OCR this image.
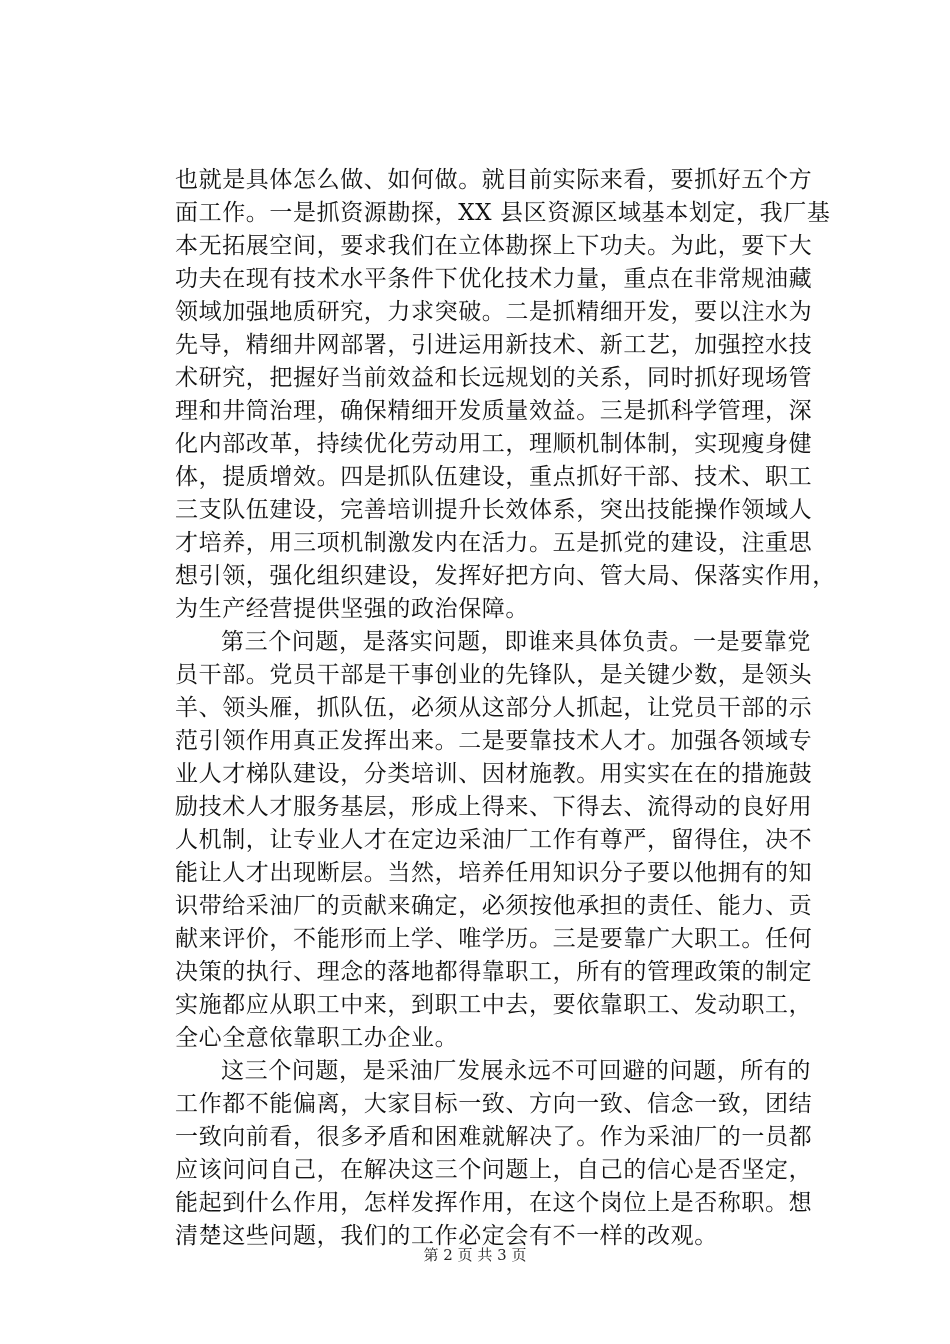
也就是具体怎么做、如何做。就目前实际来看，要抓好五个方
面工作。一是抓资源勘探，XX 县区资源区域基本划定，我厂基
本无拓展空间，要求我们在立体勘探上下功夫。为此，要下大
功夫在现有技术水平条件下优化技术力量，重点在非常规油藏
领域加强地质研究，力求突破。二是抓精细开发，要以注水为
先导，精细井网部署，引进运用新技术、新工艺，加强控水技
术研究，把握好当前效益和长远规划的关系，同时抓好现场管
理和井筒治理，确保精细开发质量效益。三是抓科学管理，深
化内部改革，持续优化劳动用工，理顺机制体制，实现瘦身健
体，提质增效。四是抓队伍建设，重点抓好干部、技术、职工
三支队伍建设，完善培训提升长效体系，突出技能操作领域人
才培养，用三项机制激发内在活力。五是抓党的建设，注重思
想引领，强化组织建设，发挥好把方向、管大局、保落实作用，
为生产经营提供坚强的政治保障。
第三个问题，是落实问题，即谁来具体负责。一是要靠党
员干部。党员干部是干事创业的先锋队，是关键少数，是领头
羊、领头雁，抓队伍，必须从这部分人抓起，让党员干部的示
范引领作用真正发挥出来。二是要靠技术人才。加强各领域专
业人才梯队建设，分类培训、因材施教。用实实在在的措施鼓
励技术人才服务基层，形成上得来、下得去、流得动的良好用
人机制，让专业人才在定边采油厂工作有尊严，留得住，决不
能让人才出现断层。当然，培养任用知识分子要以他拥有的知
识带给采油厂的贡献来确定，必须按他承担的责任、能力、贡
献来评价，不能形而上学、唯学历。三是要靠广大职工。任何
决策的执行、理念的落地都得靠职工，所有的管理政策的制定
实施都应从职工中来，到职工中去，要依靠职工、发动职工，
全心全意依靠职工办企业。
这三个问题，是采油厂发展永远不可回避的问题，所有的
工作都不能偏离，大家目标一致、方向一致、信念一致，团结
一致向前看，很多矛盾和困难就解决了。作为采油厂的一员都
应该问问自己，在解决这三个问题上，自己的信心是否坚定，
能起到什么作用，怎样发挥作用，在这个岗位上是否称职。想
清楚这些问题，我们的工作必定会有不一样的改观。
第 2 页 共 3 页
